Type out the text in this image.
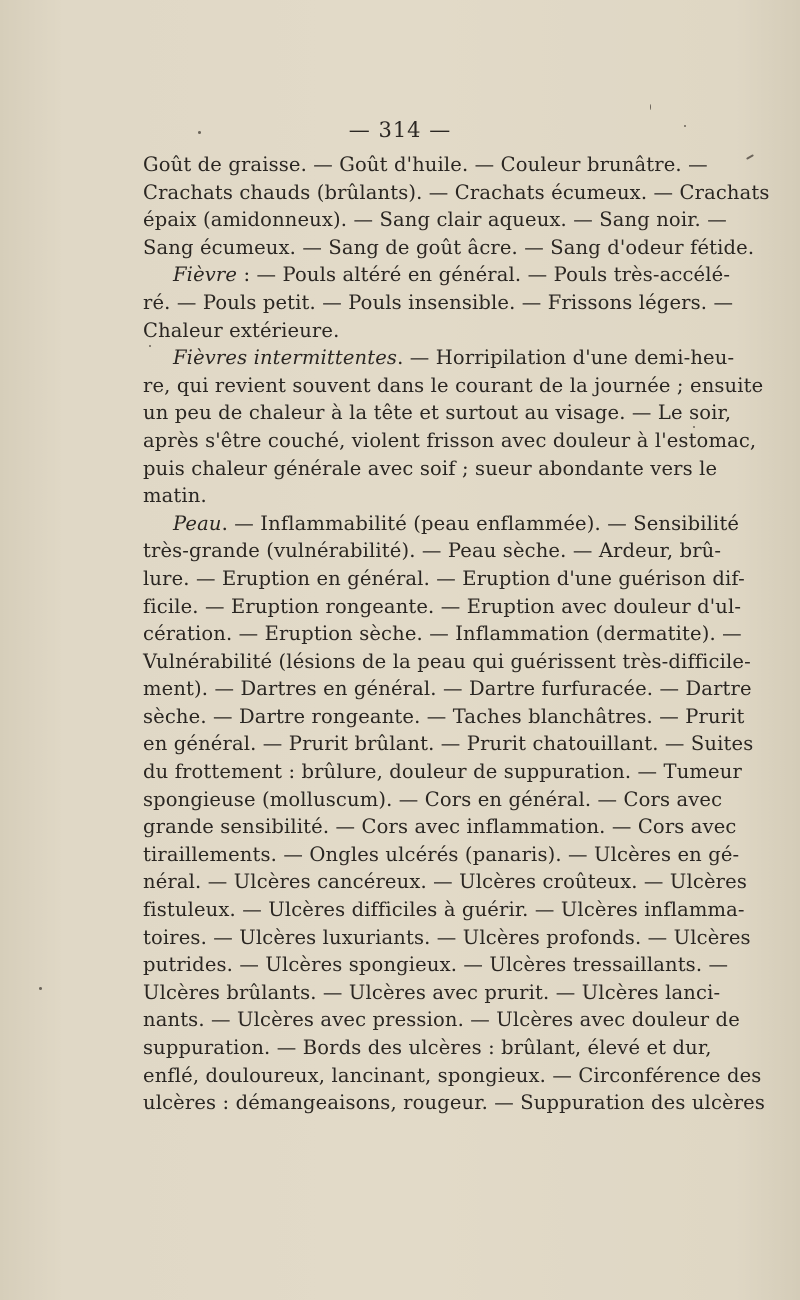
— 314 —
Goût de graisse. — Goût d'huile. — Couleur brunâtre. —
Crachats chauds (brûlants). — Crachats écumeux. — Crachats
épaix (amidonneux). — Sang clair aqueux. — Sang noir. —
Sang écumeux. — Sang de goût âcre. — Sang d'odeur fétide.
Fièvre : — Pouls altéré en général. — Pouls très-accélé-
ré. — Pouls petit. — Pouls insensible. — Frissons légers. —
Chaleur extérieure.
Fièvres intermittentes. — Horripilation d'une demi-heu-
re, qui revient souvent dans le courant de la journée ; ensuite
un peu de chaleur à la tête et surtout au visage. — Le soir,
après s'être couché, violent frisson avec douleur à l'estomac,
puis chaleur générale avec soif ; sueur abondante vers le
matin.
Peau. — Inflammabilité (peau enflammée). — Sensibilité
très-grande (vulnérabilité). — Peau sèche. — Ardeur, brû-
lure. — Eruption en général. — Eruption d'une guérison dif-
ficile. — Eruption rongeante. — Eruption avec douleur d'ul-
cération. — Eruption sèche. — Inflammation (dermatite). —
Vulnérabilité (lésions de la peau qui guérissent très-difficile-
ment). — Dartres en général. — Dartre furfuracée. — Dartre
sèche. — Dartre rongeante. — Taches blanchâtres. — Prurit
en général. — Prurit brûlant. — Prurit chatouillant. — Suites
du frottement : brûlure, douleur de suppuration. — Tumeur
spongieuse (molluscum). — Cors en général. — Cors avec
grande sensibilité. — Cors avec inflammation. — Cors avec
tiraillements. — Ongles ulcérés (panaris). — Ulcères en gé-
néral. — Ulcères cancéreux. — Ulcères croûteux. — Ulcères
fistuleux. — Ulcères difficiles à guérir. — Ulcères inflamma-
toires. — Ulcères luxuriants. — Ulcères profonds. — Ulcères
putrides. — Ulcères spongieux. — Ulcères tressaillants. —
Ulcères brûlants. — Ulcères avec prurit. — Ulcères lanci-
nants. — Ulcères avec pression. — Ulcères avec douleur de
suppuration. — Bords des ulcères : brûlant, élevé et dur,
enflé, douloureux, lancinant, spongieux. — Circonférence des
ulcères : démangeaisons, rougeur. — Suppuration des ulcères
